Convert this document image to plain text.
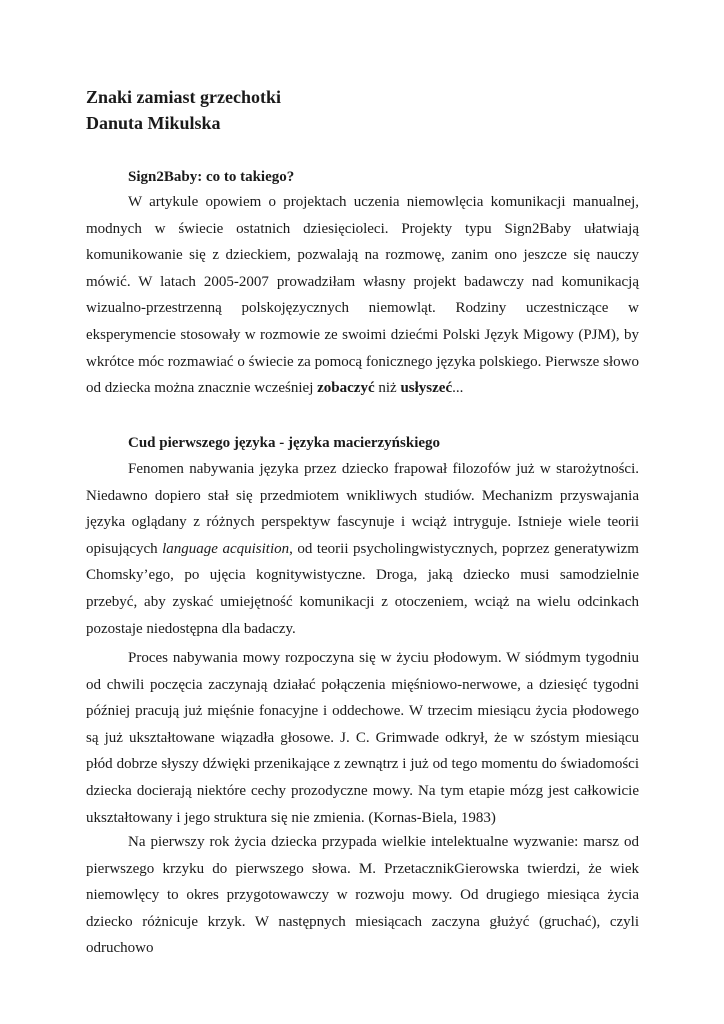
Znaki zamiast grzechotki
Danuta Mikulska
Sign2Baby: co to takiego?

W artykule opowiem o projektach uczenia niemowlęcia komunikacji manualnej, modnych w świecie ostatnich dziesięcioleci. Projekty typu Sign2Baby ułatwiają komunikowanie się z dzieckiem, pozwalają na rozmowę, zanim ono jeszcze się nauczy mówić. W latach 2005-2007 prowadziłam własny projekt badawczy nad komunikacją wizualno-przestrzenną polskojęzycznych niemowląt. Rodziny uczestniczące w eksperymencie stosowały w rozmowie ze swoimi dziećmi Polski Język Migowy (PJM), by wkrótce móc rozmawiać o świecie za pomocą fonicznego języka polskiego. Pierwsze słowo od dziecka można znacznie wcześniej zobaczyć niż usłyszeć...

Cud pierwszego języka - języka macierzyńskiego

Fenomen nabywania języka przez dziecko frapował filozofów już w starożytności. Niedawno dopiero stał się przedmiotem wnikliwych studiów. Mechanizm przyswajania języka oglądany z różnych perspektyw fascynuje i wciąż intryguje. Istnieje wiele teorii opisujących language acquisition, od teorii psycholingwistycznych, poprzez generatywizm Chomsky’ego, po ujęcia kognitywistyczne. Droga, jaką dziecko musi samodzielnie przebyć, aby zyskać umiejętność komunikacji z otoczeniem, wciąż na wielu odcinkach pozostaje niedostępna dla badaczy.

Proces nabywania mowy rozpoczyna się w życiu płodowym. W siódmym tygodniu od chwili poczęcia zaczynają działać połączenia mięśniowo-nerwowe, a dziesięć tygodni później pracują już mięśnie fonacyjne i oddechowe. W trzecim miesiącu życia płodowego są już ukształtowane wiązadła głosowe. J. C. Grimwade odkrył, że w szóstym miesiącu płód dobrze słyszy dźwięki przenikające z zewnątrz i już od tego momentu do świadomości dziecka docierają niektóre cechy prozodyczne mowy. Na tym etapie mózg jest całkowicie ukształtowany i jego struktura się nie zmienia. (Kornas-Biela, 1983)

Na pierwszy rok życia dziecka przypada wielkie intelektualne wyzwanie: marsz od pierwszego krzyku do pierwszego słowa. M. PrzetacznikGierowska twierdzi, że wiek niemowlęcy to okres przygotowawczy w rozwoju mowy. Od drugiego miesiąca życia dziecko różnicuje krzyk. W następnych miesiącach zaczyna głużyć (gruchać), czyli odruchowo
